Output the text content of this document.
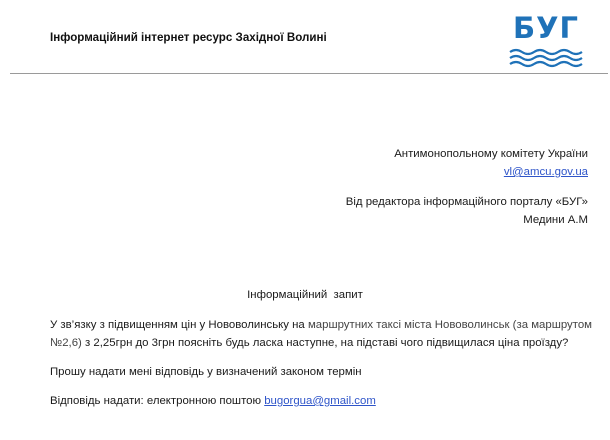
Інформаційний інтернет ресурс Західної Волині	БУГ
Антимонопольному комітету України
vl@amcu.gov.ua
Від редактора інформаційного порталу «БУГ»
Медини А.М
Інформаційний  запит
У зв’язку з підвищенням цін у Нововолинську на маршрутних таксі міста Нововолинськ (за маршрутом
№2,6) з 2,25грн до 3грн поясніть будь ласка наступне, на підставі чого підвищилася ціна проїзду?
Прошу надати мені відповідь у визначений законом термін
Відповідь надати: електронною поштою bugorgua@gmail.com
